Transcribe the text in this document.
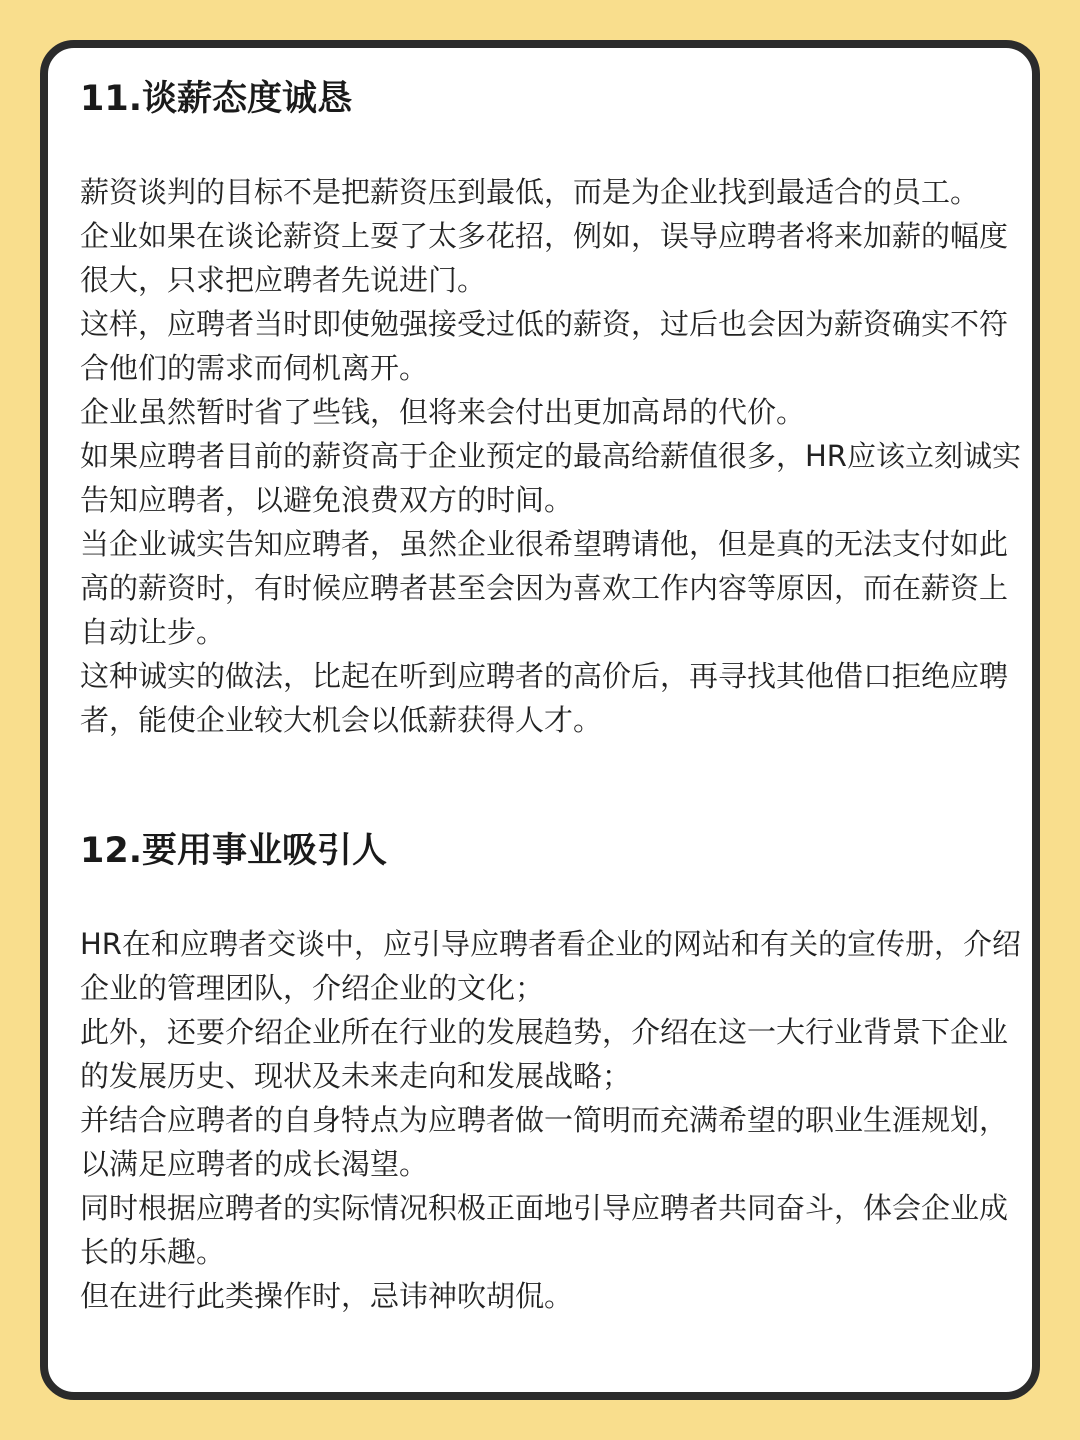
11.谈薪态度诚恳

薪资谈判的目标不是把薪资压到最低，而是为企业找到最适合的员工。

企业如果在谈论薪资上耍了太多花招，例如，误导应聘者将来加薪的幅度很大，只求把应聘者先说进门。

这样，应聘者当时即使勉强接受过低的薪资，过后也会因为薪资确实不符合他们的需求而伺机离开。

企业虽然暂时省了些钱，但将来会付出更加高昂的代价。

如果应聘者目前的薪资高于企业预定的最高给薪值很多，HR应该立刻诚实告知应聘者，以避免浪费双方的时间。

当企业诚实告知应聘者，虽然企业很希望聘请他，但是真的无法支付如此高的薪资时，有时候应聘者甚至会因为喜欢工作内容等原因，而在薪资上自动让步。

这种诚实的做法，比起在听到应聘者的高价后，再寻找其他借口拒绝应聘者，能使企业较大机会以低薪获得人才。

12.要用事业吸引人

HR在和应聘者交谈中，应引导应聘者看企业的网站和有关的宣传册，介绍企业的管理团队，介绍企业的文化；

此外，还要介绍企业所在行业的发展趋势，介绍在这一大行业背景下企业的发展历史、现状及未来走向和发展战略；

并结合应聘者的自身特点为应聘者做一简明而充满希望的职业生涯规划，以满足应聘者的成长渴望。

同时根据应聘者的实际情况积极正面地引导应聘者共同奋斗，体会企业成长的乐趣。

但在进行此类操作时，忌讳神吹胡侃。
